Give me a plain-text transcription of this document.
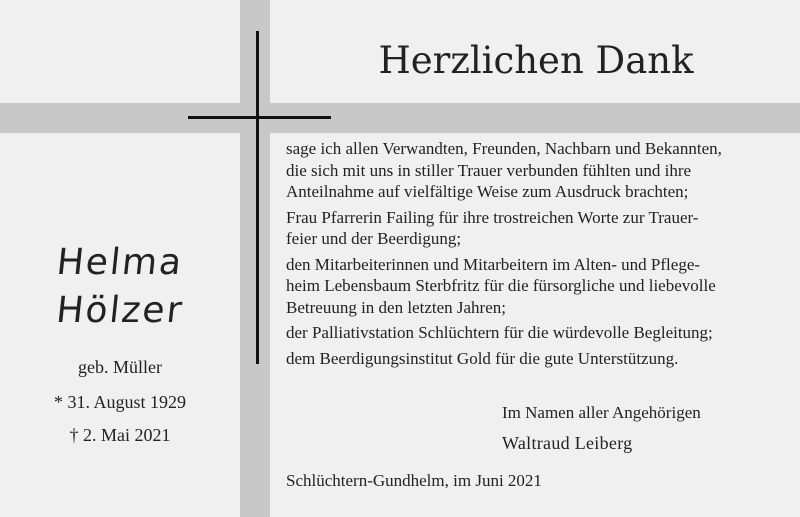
Herzlichen Dank
Helma
Hölzer
geb. Müller
* 31. August 1929
† 2. Mai 2021

sage ich allen Verwandten, Freunden, Nachbarn und Bekannten,
die sich mit uns in stiller Trauer verbunden fühlten und ihre
Anteilnahme auf vielfältige Weise zum Ausdruck brachten;

Frau Pfarrerin Failing für ihre trostreichen Worte zur Trauer-
feier und der Beerdigung;

den Mitarbeiterinnen und Mitarbeitern im Alten- und Pflege-
heim Lebensbaum Sterbfritz für die fürsorgliche und liebevolle
Betreuung in den letzten Jahren;

der Palliativstation Schlüchtern für die würdevolle Begleitung;

dem Beerdigungsinstitut Gold für die gute Unterstützung.

Im Namen aller Angehörigen
Waltraud Leiberg
Schlüchtern-Gundhelm, im Juni 2021
